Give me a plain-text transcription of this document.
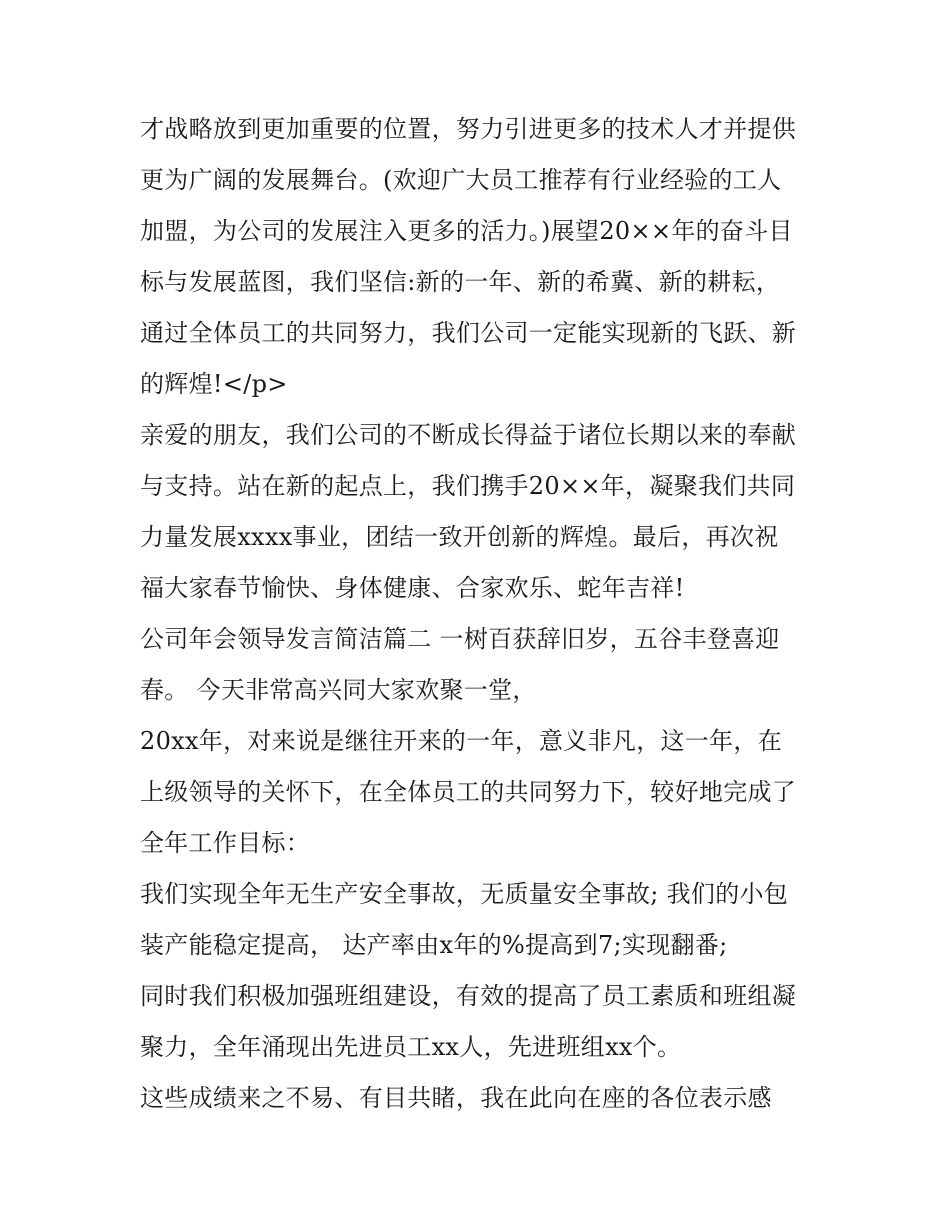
才战略放到更加重要的位置，努力引进更多的技术人才并提供
更为广阔的发展舞台。(欢迎广大员工推荐有行业经验的工人
加盟，为公司的发展注入更多的活力。)展望20××年的奋斗目
标与发展蓝图，我们坚信:新的一年、新的希冀、新的耕耘，
通过全体员工的共同努力，我们公司一定能实现新的飞跃、新
的辉煌!</p>
亲爱的朋友，我们公司的不断成长得益于诸位长期以来的奉献
与支持。站在新的起点上，我们携手20××年，凝聚我们共同
力量发展xxxx事业，团结一致开创新的辉煌。最后，再次祝
福大家春节愉快、身体健康、合家欢乐、蛇年吉祥!
公司年会领导发言简洁篇二 一树百获辞旧岁，五谷丰登喜迎
春。 今天非常高兴同大家欢聚一堂，
20xx年，对来说是继往开来的一年，意义非凡，这一年，在
上级领导的关怀下，在全体员工的共同努力下，较好地完成了
全年工作目标：
我们实现全年无生产安全事故，无质量安全事故; 我们的小包
装产能稳定提高， 达产率由x年的%提高到7;实现翻番;
同时我们积极加强班组建设，有效的提高了员工素质和班组凝
聚力，全年涌现出先进员工xx人，先进班组xx个。
这些成绩来之不易、有目共睹，我在此向在座的各位表示感
